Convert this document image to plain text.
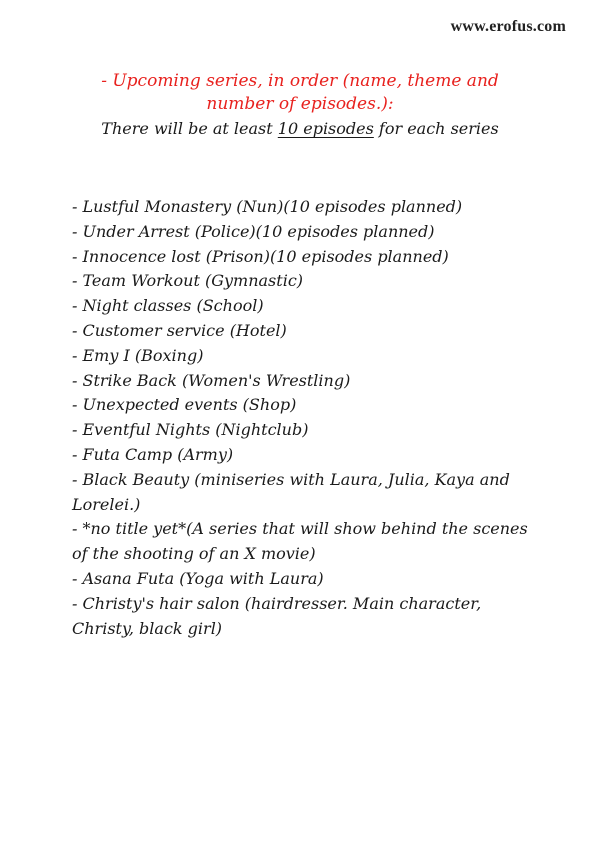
www.erofus.com

- Upcoming series, in order (name, theme and number of episodes.):

There will be at least 10 episodes for each series

- Lustful Monastery (Nun)(10 episodes planned)
- Under Arrest (Police)(10 episodes planned)
- Innocence lost (Prison)(10 episodes planned)
- Team Workout (Gymnastic)
- Night classes (School)
- Customer service (Hotel)
- Emy I (Boxing)
- Strike Back (Women's Wrestling)
- Unexpected events (Shop)
- Eventful Nights (Nightclub)
- Futa Camp (Army)
- Black Beauty (miniseries with Laura, Julia, Kaya and Lorelei.)
- *no title yet*(A series that will show behind the scenes of the shooting of an X movie)
- Asana Futa (Yoga with Laura)
- Christy's hair salon (hairdresser. Main character, Christy, black girl)
